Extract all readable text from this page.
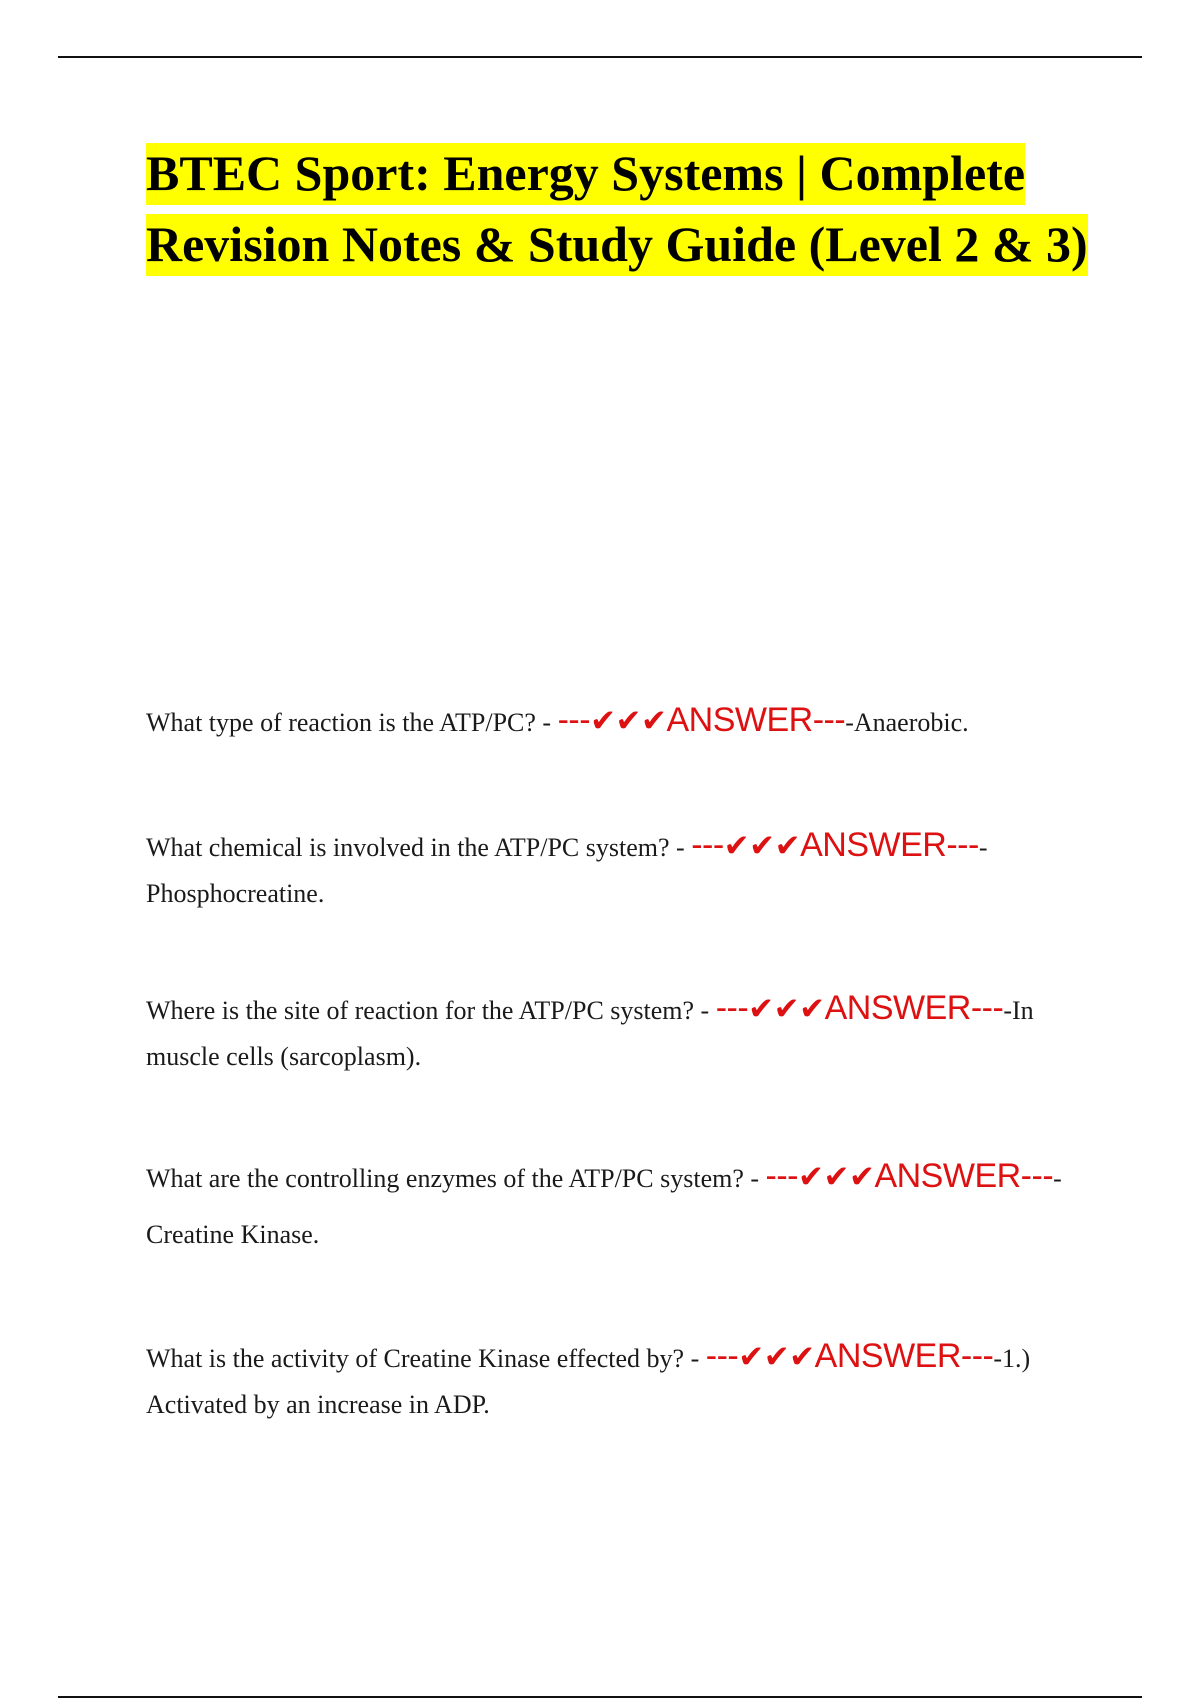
BTEC Sport: Energy Systems | Complete Revision Notes & Study Guide (Level 2 & 3)

What type of reaction is the ATP/PC? - ---✔✔✔ANSWER----Anaerobic.

What chemical is involved in the ATP/PC system? - ---✔✔✔ANSWER----Phosphocreatine.

Where is the site of reaction for the ATP/PC system? - ---✔✔✔ANSWER----In muscle cells (sarcoplasm).

What are the controlling enzymes of the ATP/PC system? - ---✔✔✔ANSWER----Creatine Kinase.

What is the activity of Creatine Kinase effected by? - ---✔✔✔ANSWER----1.) Activated by an increase in ADP.
